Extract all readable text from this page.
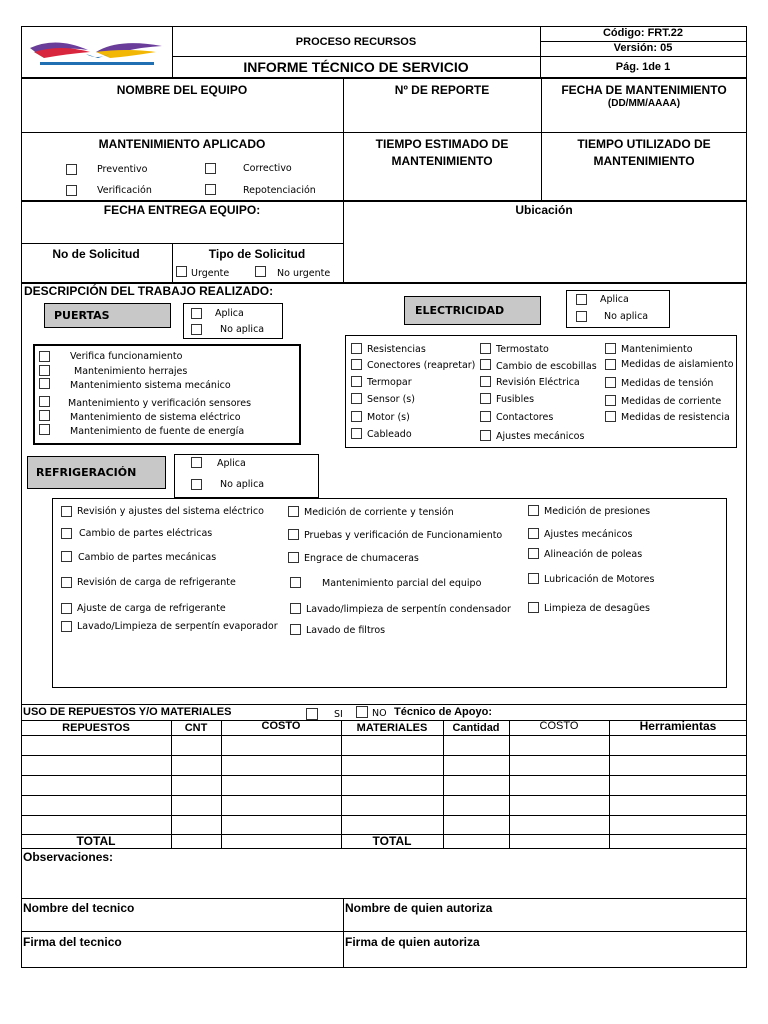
PROCESO RECURSOS
INFORME TÉCNICO DE SERVICIO
Código: FRT.22
Versión: 05
Pág. 1de 1
NOMBRE DEL EQUIPO	Nº DE REPORTE	FECHA DE MANTENIMIENTO
(DD/MM/AAAA)
MANTENIMIENTO APLICADO
Preventivo	Correctivo
Verificación	Repotenciación
TIEMPO ESTIMADO DE
MANTENIMIENTO
TIEMPO UTILIZADO DE
MANTENIMIENTO
FECHA ENTREGA EQUIPO:	Ubicación
No de Solicitud	Tipo de Solicitud
Urgente	No urgente
DESCRIPCIÓN DEL TRABAJO REALIZADO:
PUERTAS	Aplica
No aplica
Verifica funcionamiento
Mantenimiento herrajes
Mantenimiento sistema mecánico
Mantenimiento y verificación sensores
Mantenimiento de sistema eléctrico
Mantenimiento de fuente de energía
ELECTRICIDAD
Aplica
No aplica
Resistencias
Conectores (reapretar)
Termopar
Sensor (s)
Motor (s)
Cableado
Termostato
Cambio de escobillas
Revisión Eléctrica
Fusibles
Contactores
Ajustes mecánicos
Mantenimiento
Medidas de aislamiento
Medidas de tensión
Medidas de corriente
Medidas de resistencia
REFRIGERACIÓN
Aplica
No aplica
Revisión y ajustes del sistema eléctrico
Cambio de partes eléctricas
Cambio de partes mecánicas
Revisión de carga de refrigerante
Ajuste de carga de refrigerante
Lavado/Limpieza de serpentín evaporador
Medición de corriente y tensión
Pruebas y verificación de Funcionamiento
Engrace de chumaceras
Mantenimiento parcial del equipo
Lavado/limpieza de serpentín condensador
Lavado de filtros
Medición de presiones
Ajustes mecánicos
Alineación de poleas
Lubricación de Motores
Limpieza de desagües
USO DE REPUESTOS Y/O MATERIALES	SI	NO Técnico de Apoyo:
REPUESTOS	CNT	COSTO	MATERIALES Cantidad	COSTO	Herramientas
TOTAL	TOTAL
Observaciones:
Nombre del tecnico	Nombre de quien autoriza
Firma del tecnico	Firma de quien autoriza
